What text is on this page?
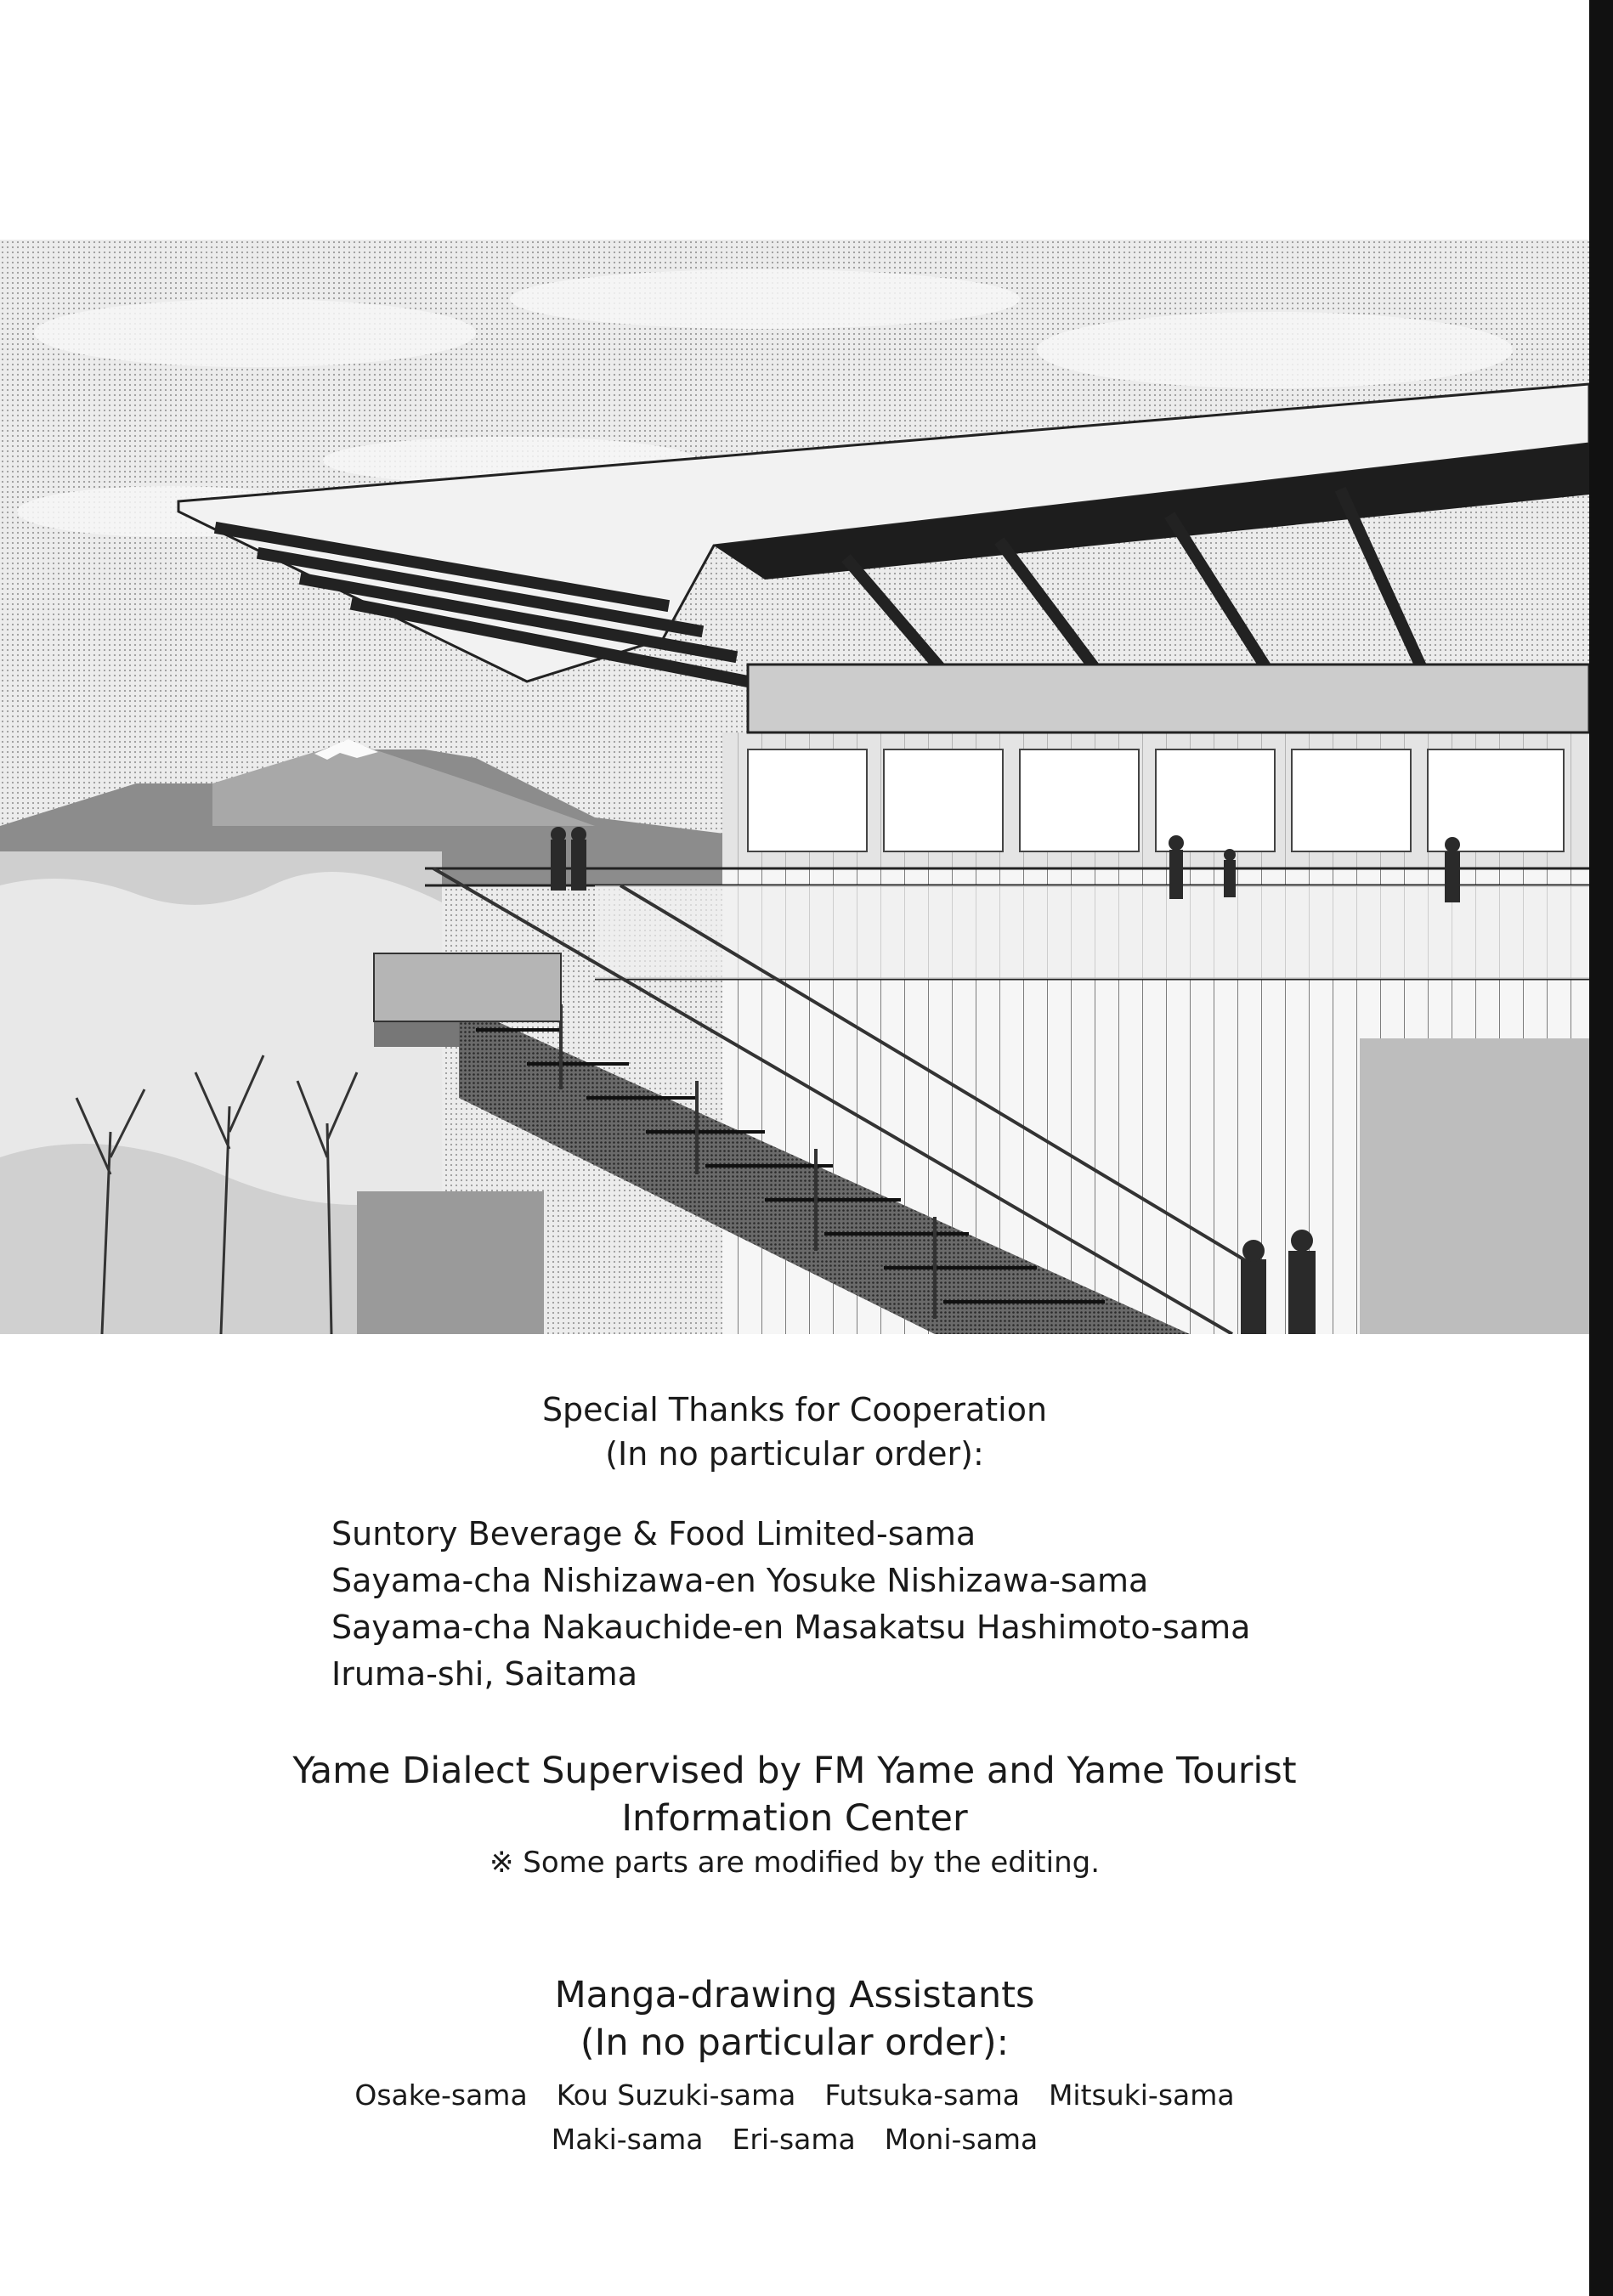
Special Thanks for Cooperation
(In no particular order):
Suntory Beverage & Food Limited-sama
Sayama-cha Nishizawa-en Yosuke Nishizawa-sama
Sayama-cha Nakauchide-en Masakatsu Hashimoto-sama
Iruma-shi, Saitama
Yame Dialect Supervised by FM Yame and Yame Tourist
Information Center
※ Some parts are modified by the editing.
Manga-drawing Assistants
(In no particular order):
Osake-sama Kou Suzuki-sama Futsuka-sama Mitsuki-sama
Maki-sama Eri-sama Moni-sama
